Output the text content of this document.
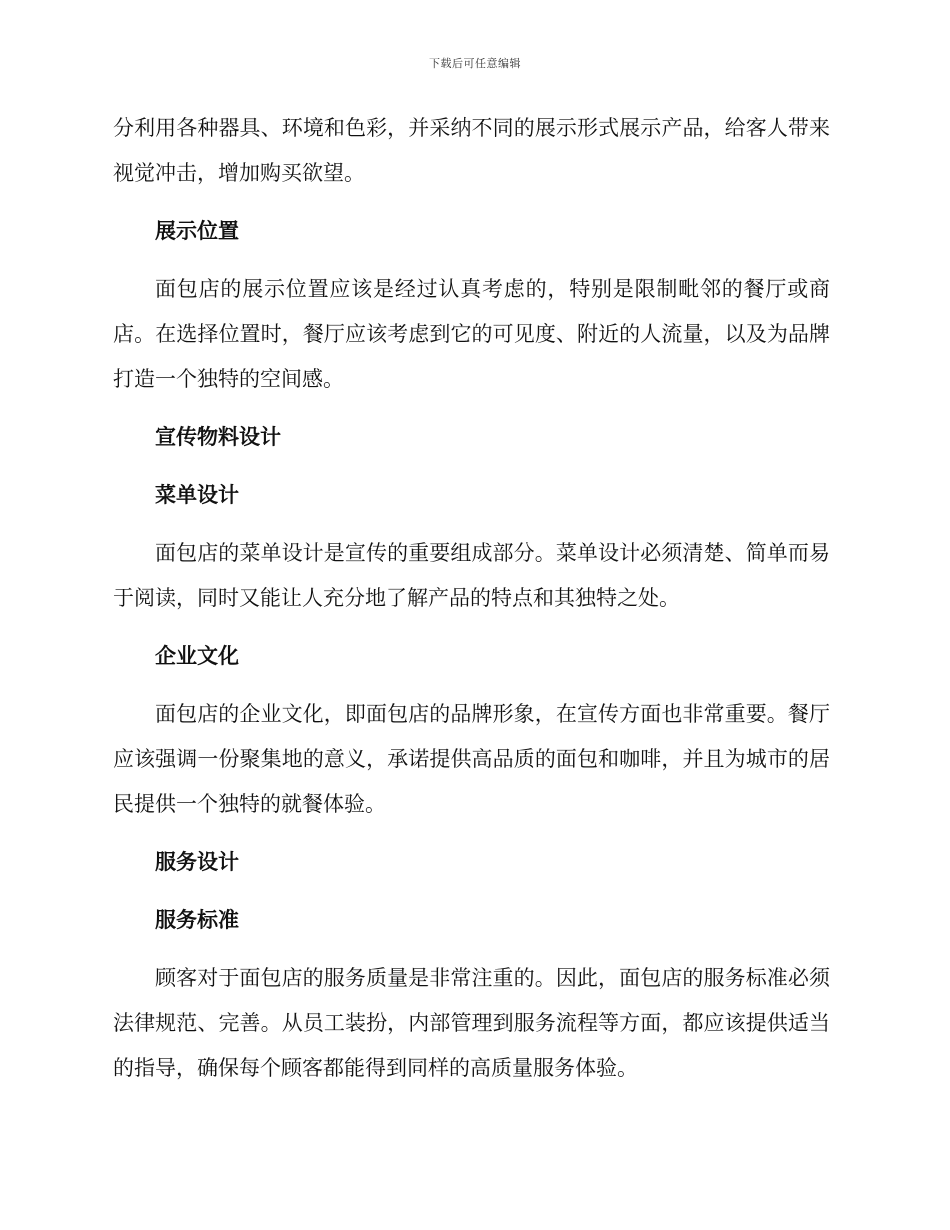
下载后可任意编辑

分利用各种器具、环境和色彩，并采纳不同的展示形式展示产品，给客人带来视觉冲击，增加购买欲望。

展示位置

面包店的展示位置应该是经过认真考虑的，特别是限制毗邻的餐厅或商店。在选择位置时，餐厅应该考虑到它的可见度、附近的人流量，以及为品牌打造一个独特的空间感。

宣传物料设计

菜单设计

面包店的菜单设计是宣传的重要组成部分。菜单设计必须清楚、简单而易于阅读，同时又能让人充分地了解产品的特点和其独特之处。

企业文化

面包店的企业文化，即面包店的品牌形象，在宣传方面也非常重要。餐厅应该强调一份聚集地的意义，承诺提供高品质的面包和咖啡，并且为城市的居民提供一个独特的就餐体验。

服务设计

服务标准

顾客对于面包店的服务质量是非常注重的。因此，面包店的服务标准必须法律规范、完善。从员工装扮，内部管理到服务流程等方面，都应该提供适当的指导，确保每个顾客都能得到同样的高质量服务体验。
